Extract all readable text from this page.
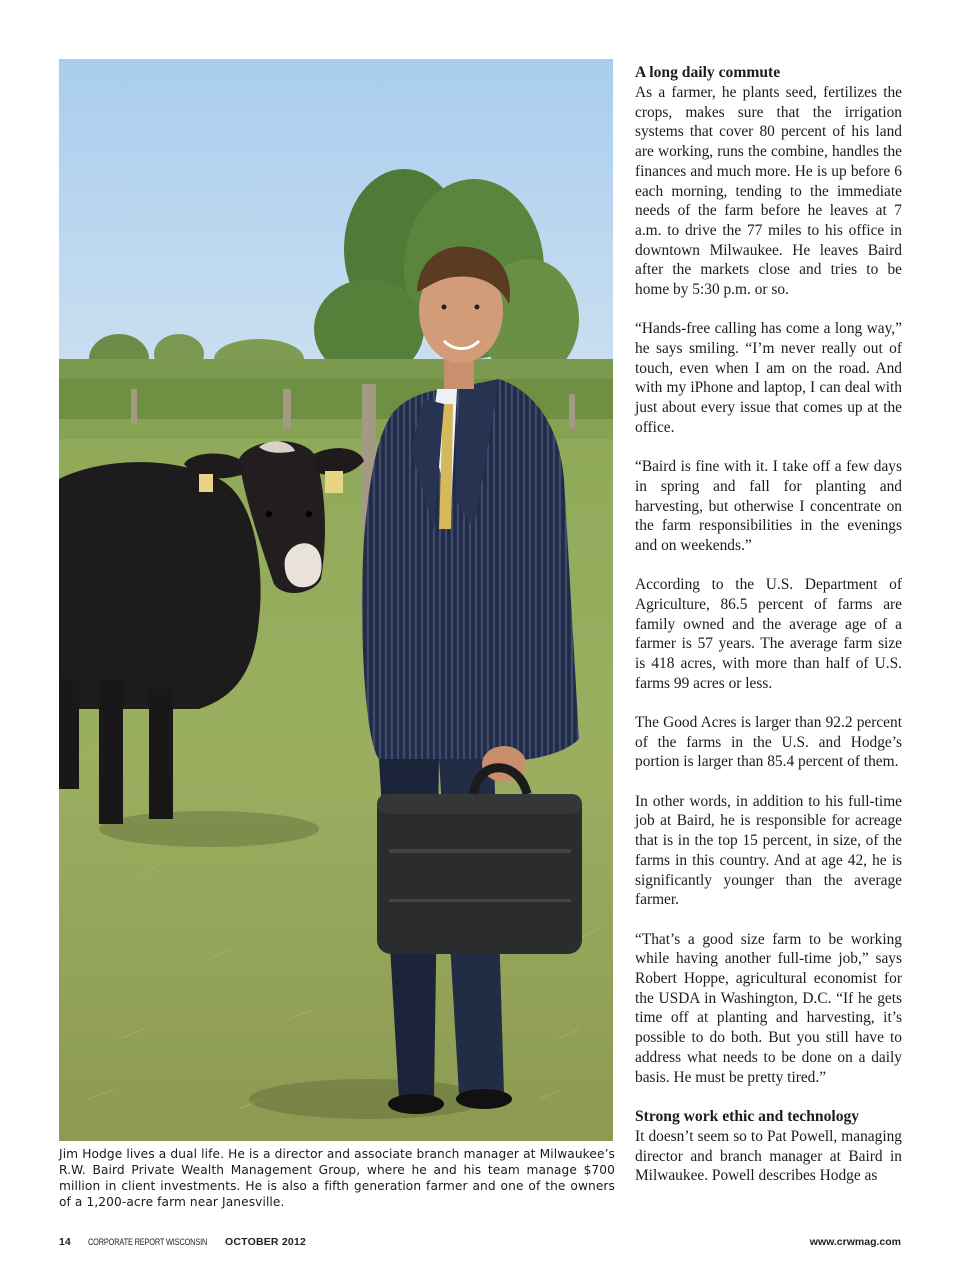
Jim Hodge lives a dual life. He is a director and associate branch manager at Milwaukee’s R.W. Baird Private Wealth Management Group, where he and his team manage $700 million in client investments. He is also a fifth generation farmer and one of the owners of a 1,200-acre farm near Janesville.
A long daily commute

As a farmer, he plants seed, fertilizes the crops, makes sure that the irrigation systems that cover 80 percent of his land are working, runs the combine, handles the finances and much more. He is up before 6 each morning, tending to the immediate needs of the farm before he leaves at 7 a.m. to drive the 77 miles to his office in downtown Milwaukee. He leaves Baird after the markets close and tries to be home by 5:30 p.m. or so.

“Hands-free calling has come a long way,” he says smiling. “I’m never really out of touch, even when I am on the road. And with my iPhone and laptop, I can deal with just about every issue that comes up at the office.

“Baird is fine with it. I take off a few days in spring and fall for planting and harvesting, but otherwise I concentrate on the farm responsibilities in the evenings and on weekends.”

According to the U.S. Department of Agriculture, 86.5 percent of farms are family owned and the average age of a farmer is 57 years. The average farm size is 418 acres, with more than half of U.S. farms 99 acres or less.

The Good Acres is larger than 92.2 percent of the farms in the U.S. and Hodge’s portion is larger than 85.4 percent of them.

In other words, in addition to his full-time job at Baird, he is responsible for acreage that is in the top 15 percent, in size, of the farms in this country. And at age 42, he is significantly younger than the average farmer.

“That’s a good size farm to be working while having another full-time job,” says Robert Hoppe, agricultural economist for the USDA in Washington, D.C. “If he gets time off at planting and harvesting, it’s possible to do both. But you still have to address what needs to be done on a daily basis. He must be pretty tired.”

Strong work ethic and technology

It doesn’t seem so to Pat Powell, managing director and branch manager at Baird in Milwaukee. Powell describes Hodge as

14 CORPORATE REPORT WISCONSIN OCTOBER 2012	www.crwmag.com
